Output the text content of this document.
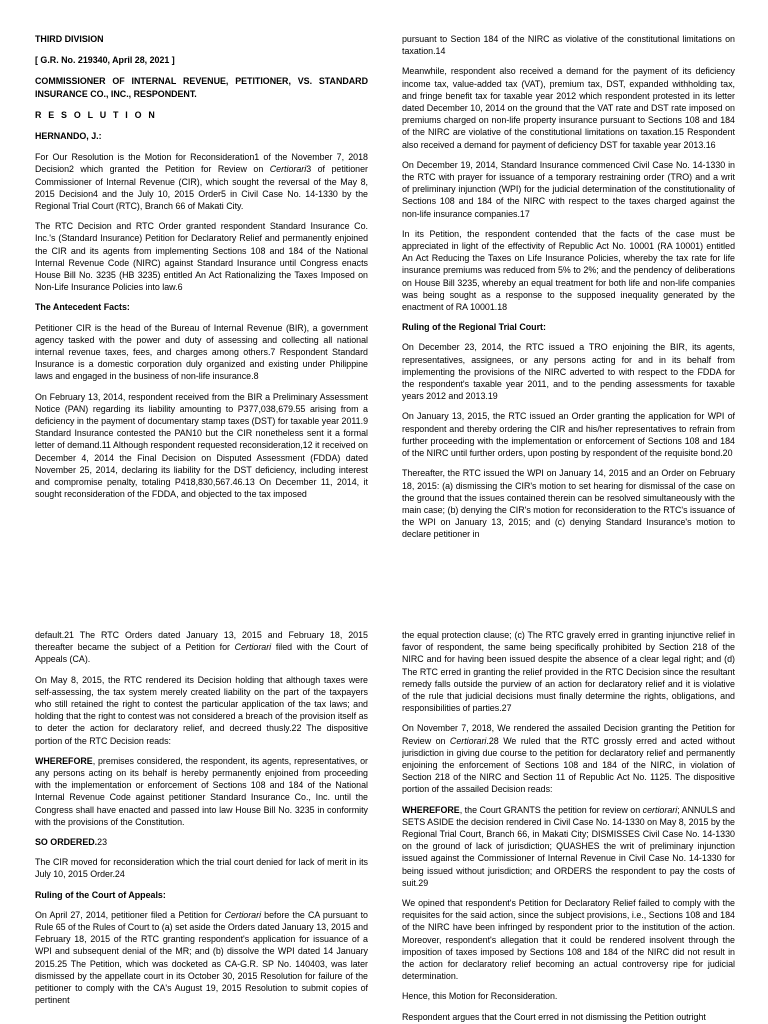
THIRD DIVISION

[ G.R. No. 219340, April 28, 2021 ]

COMMISSIONER OF INTERNAL REVENUE, PETITIONER, VS. STANDARD INSURANCE CO., INC., RESPONDENT.

R E S O L U T I O N

HERNANDO, J.:

For Our Resolution is the Motion for Reconsideration1 of the November 7, 2018 Decision2 which granted the Petition for Review on Certiorari3 of petitioner Commissioner of Internal Revenue (CIR), which sought the reversal of the May 8, 2015 Decision4 and the July 10, 2015 Order5 in Civil Case No. 14-1330 by the Regional Trial Court (RTC), Branch 66 of Makati City.

The RTC Decision and RTC Order granted respondent Standard Insurance Co. Inc.'s (Standard Insurance) Petition for Declaratory Relief and permanently enjoined the CIR and its agents from implementing Sections 108 and 184 of the National Internal Revenue Code (NIRC) against Standard Insurance until Congress enacts House Bill No. 3235 (HB 3235) entitled An Act Rationalizing the Taxes Imposed on Non-Life Insurance Policies into law.6

The Antecedent Facts:

Petitioner CIR is the head of the Bureau of Internal Revenue (BIR), a government agency tasked with the power and duty of assessing and collecting all national internal revenue taxes, fees, and charges among others.7 Respondent Standard Insurance is a domestic corporation duly organized and existing under Philippine laws and engaged in the business of non-life insurance.8

On February 13, 2014, respondent received from the BIR a Preliminary Assessment Notice (PAN) regarding its liability amounting to P377,038,679.55 arising from a deficiency in the payment of documentary stamp taxes (DST) for taxable year 2011.9 Standard Insurance contested the PAN10 but the CIR nonetheless sent it a formal letter of demand.11 Although respondent requested reconsideration,12 it received on December 4, 2014 the Final Decision on Disputed Assessment (FDDA) dated November 25, 2014, declaring its liability for the DST deficiency, including interest and compromise penalty, totaling P418,830,567.46.13 On December 11, 2014, it sought reconsideration of the FDDA, and objected to the tax imposed

pursuant to Section 184 of the NIRC as violative of the constitutional limitations on taxation.14

Meanwhile, respondent also received a demand for the payment of its deficiency income tax, value-added tax (VAT), premium tax, DST, expanded withholding tax, and fringe benefit tax for taxable year 2012 which respondent protested in its letter dated December 10, 2014 on the ground that the VAT rate and DST rate imposed on premiums charged on non-life property insurance pursuant to Sections 108 and 184 of the NIRC are violative of the constitutional limitations on taxation.15 Respondent also received a demand for payment of deficiency DST for taxable year 2013.16

On December 19, 2014, Standard Insurance commenced Civil Case No. 14-1330 in the RTC with prayer for issuance of a temporary restraining order (TRO) and a writ of preliminary injunction (WPI) for the judicial determination of the constitutionality of Sections 108 and 184 of the NIRC with respect to the taxes charged against the non-life insurance companies.17

In its Petition, the respondent contended that the facts of the case must be appreciated in light of the effectivity of Republic Act No. 10001 (RA 10001) entitled An Act Reducing the Taxes on Life Insurance Policies, whereby the tax rate for life insurance premiums was reduced from 5% to 2%; and the pendency of deliberations on House Bill 3235, whereby an equal treatment for both life and non-life companies was being sought as a response to the supposed inequality generated by the enactment of RA 10001.18

Ruling of the Regional Trial Court:

On December 23, 2014, the RTC issued a TRO enjoining the BIR, its agents, representatives, assignees, or any persons acting for and in its behalf from implementing the provisions of the NIRC adverted to with respect to the FDDA for the respondent's taxable year 2011, and to the pending assessments for taxable years 2012 and 2013.19

On January 13, 2015, the RTC issued an Order granting the application for WPI of respondent and thereby ordering the CIR and his/her representatives to refrain from further proceeding with the implementation or enforcement of Sections 108 and 184 of the NIRC until further orders, upon posting by respondent of the requisite bond.20

Thereafter, the RTC issued the WPI on January 14, 2015 and an Order on February 18, 2015: (a) dismissing the CIR's motion to set hearing for dismissal of the case on the ground that the issues contained therein can be resolved simultaneously with the main case; (b) denying the CIR's motion for reconsideration to the RTC's issuance of the WPI on January 13, 2015; and (c) denying Standard Insurance's motion to declare petitioner in

default.21 The RTC Orders dated January 13, 2015 and February 18, 2015 thereafter became the subject of a Petition for Certiorari filed with the Court of Appeals (CA).

On May 8, 2015, the RTC rendered its Decision holding that although taxes were self-assessing, the tax system merely created liability on the part of the taxpayers who still retained the right to contest the particular application of the tax laws; and holding that the right to contest was not considered a breach of the provision itself as to deter the action for declaratory relief, and decreed thusly.22 The dispositive portion of the RTC Decision reads:

WHEREFORE, premises considered, the respondent, its agents, representatives, or any persons acting on its behalf is hereby permanently enjoined from proceeding with the implementation or enforcement of Sections 108 and 184 of the National Internal Revenue Code against petitioner Standard Insurance Co., Inc. until the Congress shall have enacted and passed into law House Bill No. 3235 in conformity with the provisions of the Constitution.

SO ORDERED.23

The CIR moved for reconsideration which the trial court denied for lack of merit in its July 10, 2015 Order.24

Ruling of the Court of Appeals:

On April 27, 2014, petitioner filed a Petition for Certiorari before the CA pursuant to Rule 65 of the Rules of Court to (a) set aside the Orders dated January 13, 2015 and February 18, 2015 of the RTC granting respondent's application for issuance of a WPI and subsequent denial of the MR; and (b) dissolve the WPI dated 14 January 2015.25 The Petition, which was docketed as CA-G.R. SP No. 140403, was later dismissed by the appellate court in its October 30, 2015 Resolution for failure of the petitioner to comply with the CA's August 19, 2015 Resolution to submit copies of pertinent

the equal protection clause; (c) The RTC gravely erred in granting injunctive relief in favor of respondent, the same being specifically prohibited by Section 218 of the NIRC and for having been issued despite the absence of a clear legal right; and (d) The RTC erred in granting the relief provided in the RTC Decision since the resultant remedy falls outside the purview of an action for declaratory relief and it is violative of the rule that judicial decisions must finally determine the rights, obligations, and responsibilities of parties.27

On November 7, 2018, We rendered the assailed Decision granting the Petition for Review on Certiorari.28 We ruled that the RTC grossly erred and acted without jurisdiction in giving due course to the petition for declaratory relief and permanently enjoining the enforcement of Sections 108 and 184 of the NIRC, in violation of Section 218 of the NIRC and Section 11 of Republic Act No. 1125. The dispositive portion of the assailed Decision reads:

WHEREFORE, the Court GRANTS the petition for review on certiorari; ANNULS and SETS ASIDE the decision rendered in Civil Case No. 14-1330 on May 8, 2015 by the Regional Trial Court, Branch 66, in Makati City; DISMISSES Civil Case No. 14-1330 on the ground of lack of jurisdiction; QUASHES the writ of preliminary injunction issued against the Commissioner of Internal Revenue in Civil Case No. 14-1330 for being issued without jurisdiction; and ORDERS the respondent to pay the costs of suit.29

We opined that respondent's Petition for Declaratory Relief failed to comply with the requisites for the said action, since the subject provisions, i.e., Sections 108 and 184 of the NIRC have been infringed by respondent prior to the institution of the action. Moreover, respondent's allegation that it could be rendered insolvent through the imposition of taxes imposed by Sections 108 and 184 of the NIRC did not result in the action for declaratory relief becoming an actual controversy ripe for judicial determination.

Hence, this Motion for Reconsideration.

Respondent argues that the Court erred in not dismissing the Petition outright
